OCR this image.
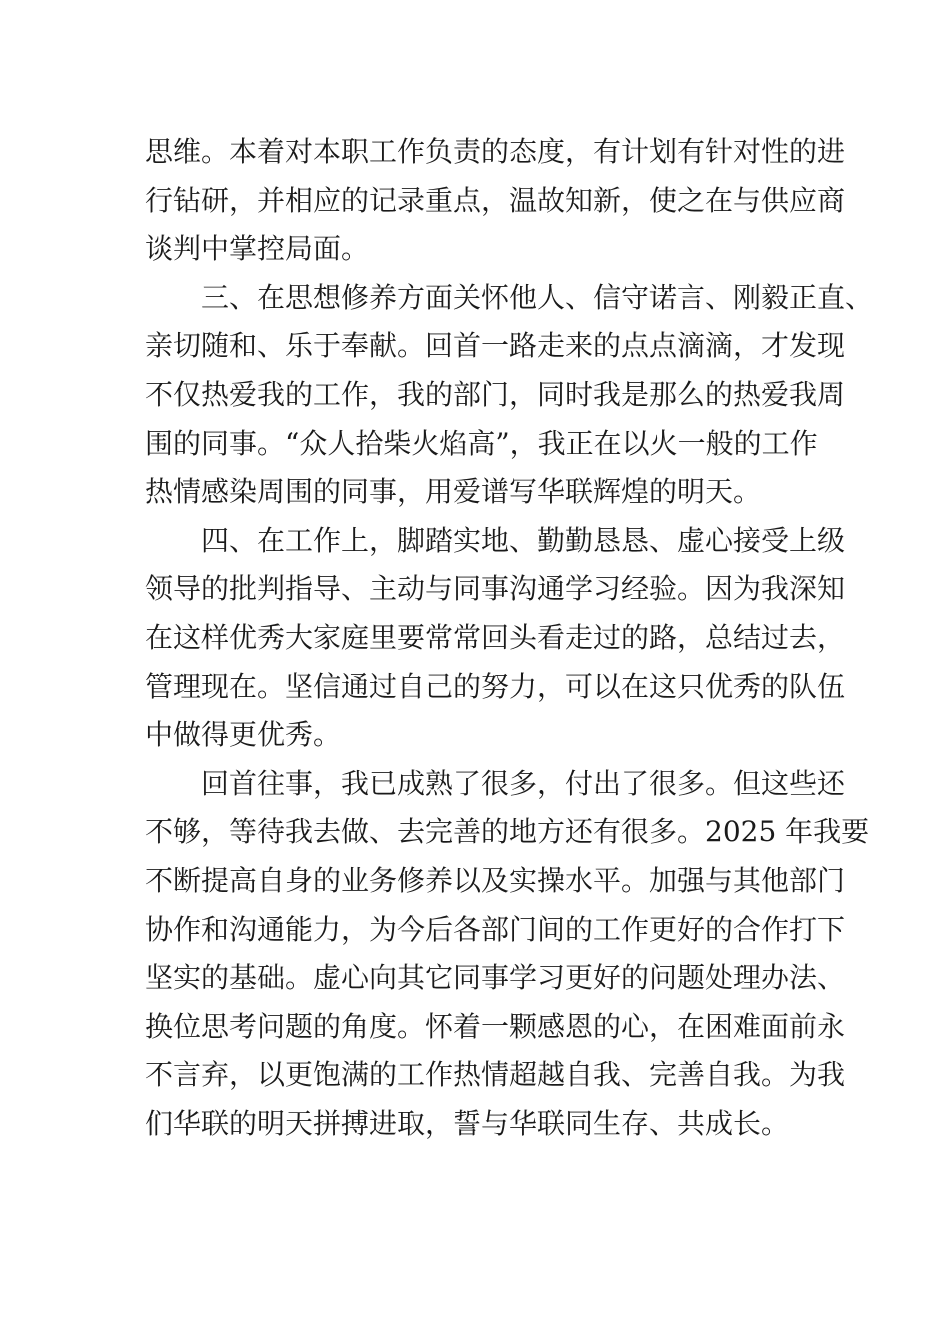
思维。本着对本职工作负责的态度，有计划有针对性的进
行钻研，并相应的记录重点，温故知新，使之在与供应商
谈判中掌控局面。
三、在思想修养方面关怀他人、信守诺言、刚毅正直、
亲切随和、乐于奉献。回首一路走来的点点滴滴，才发现
不仅热爱我的工作，我的部门，同时我是那么的热爱我周
围的同事。“众人拾柴火焰高”，我正在以火一般的工作
热情感染周围的同事，用爱谱写华联辉煌的明天。
四、在工作上，脚踏实地、勤勤恳恳、虚心接受上级
领导的批判指导、主动与同事沟通学习经验。因为我深知
在这样优秀大家庭里要常常回头看走过的路，总结过去，
管理现在。坚信通过自己的努力，可以在这只优秀的队伍
中做得更优秀。
回首往事，我已成熟了很多，付出了很多。但这些还
不够，等待我去做、去完善的地方还有很多。2025 年我要
不断提高自身的业务修养以及实操水平。加强与其他部门
协作和沟通能力，为今后各部门间的工作更好的合作打下
坚实的基础。虚心向其它同事学习更好的问题处理办法、
换位思考问题的角度。怀着一颗感恩的心，在困难面前永
不言弃，以更饱满的工作热情超越自我、完善自我。为我
们华联的明天拼搏进取，誓与华联同生存、共成长。
